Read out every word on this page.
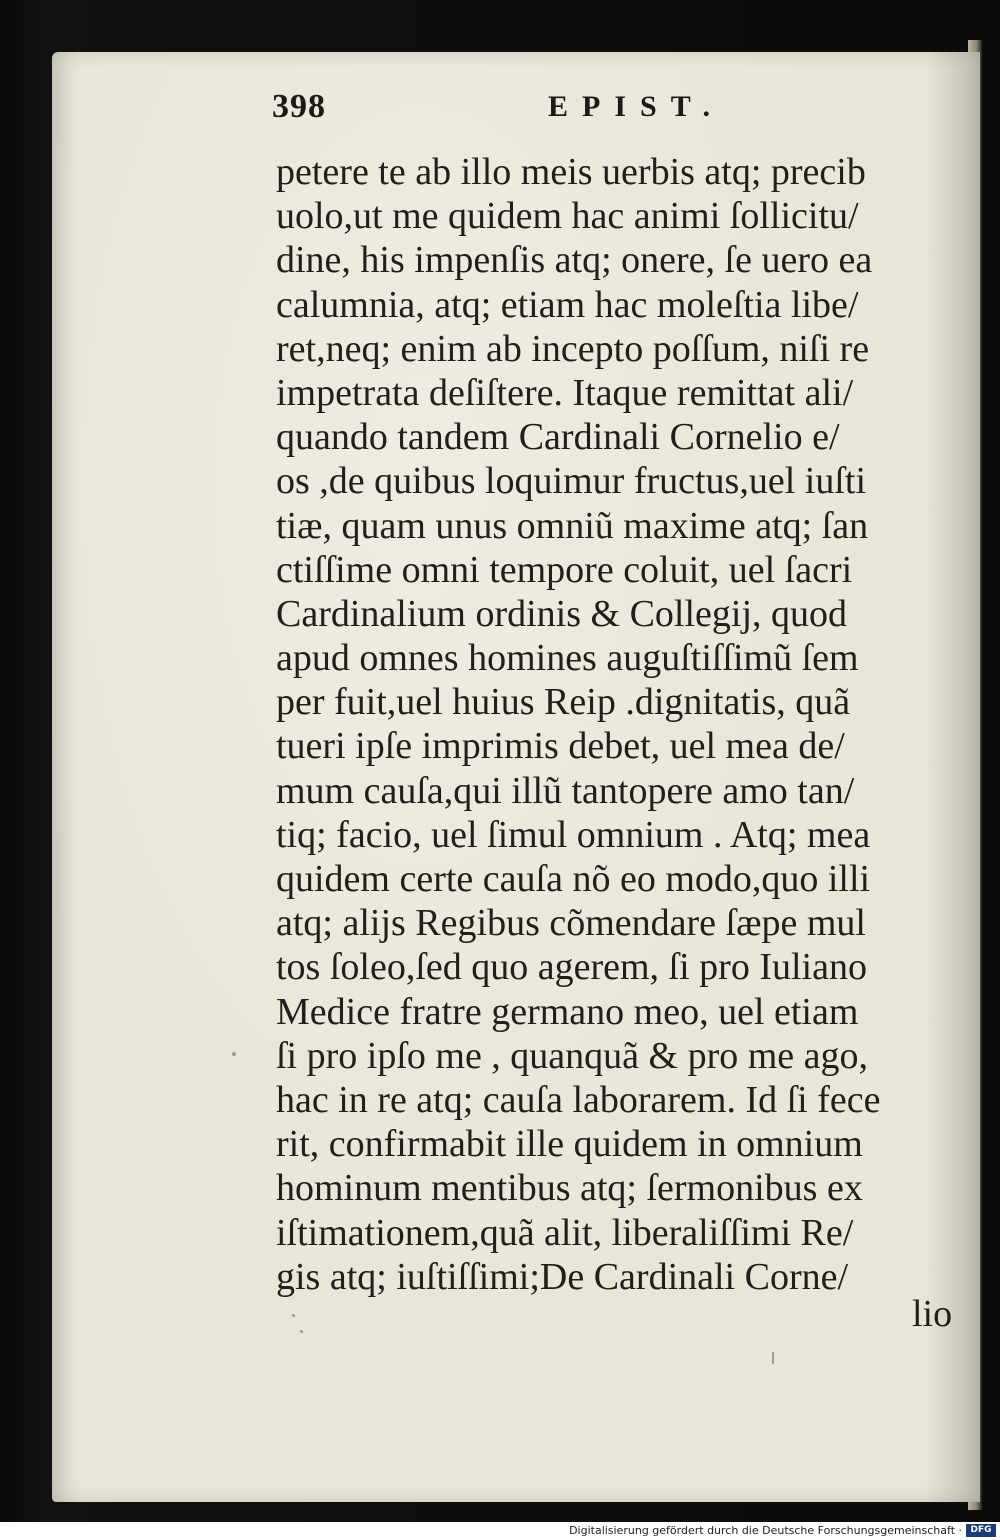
398	EPIST.
petere te ab illo meis uerbis atq; precib
uolo,ut me quidem hac animi ſollicitu/
dine, his impenſis atq; onere, ſe uero ea
calumnia, atq; etiam hac moleſtia libe/
ret,neq; enim ab incepto poſſum, niſi re
impetrata deſiſtere. Itaque remittat ali/
quando tandem Cardinali Cornelio e/
os ,de quibus loquimur fructus,uel iuſti
tiæ, quam unus omniũ maxime atq; ſan
ctiſſime omni tempore coluit, uel ſacri
Cardinalium ordinis & Collegij, quod
apud omnes homines auguſtiſſimũ ſem
per fuit,uel huius Reip .dignitatis, quã
tueri ipſe imprimis debet, uel mea de/
mum cauſa,qui illũ tantopere amo tan/
tiq; facio, uel ſimul omnium . Atq; mea
quidem certe cauſa nõ eo modo,quo illi
atq; alijs Regibus cõmendare ſæpe mul
tos ſoleo,ſed quo agerem, ſi pro Iuliano
Medice fratre germano meo, uel etiam
ſi pro ipſo me , quanquã & pro me ago,
hac in re atq; cauſa laborarem. Id ſi fece
rit, confirmabit ille quidem in omnium
hominum mentibus atq; ſermonibus ex
iſtimationem,quã alit, liberaliſſimi Re/
gis atq; iuſtiſſimi;De Cardinali Corne/
lio
Digitalisierung gefördert durch die Deutsche Forschungsgemeinschaft · DFG
